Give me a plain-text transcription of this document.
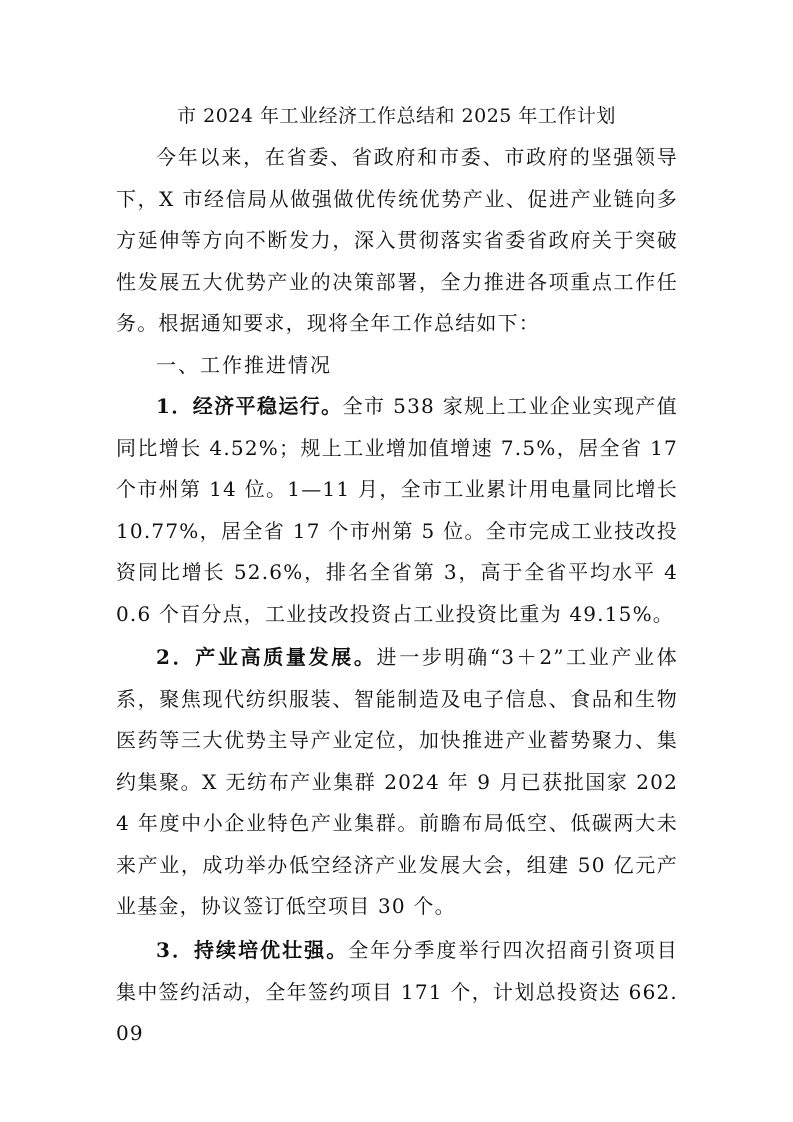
市 2024 年工业经济工作总结和 2025 年工作计划

今年以来，在省委、省政府和市委、市政府的坚强领导下，X 市经信局从做强做优传统优势产业、促进产业链向多方延伸等方向不断发力，深入贯彻落实省委省政府关于突破性发展五大优势产业的决策部署，全力推进各项重点工作任务。根据通知要求，现将全年工作总结如下：

一、工作推进情况

1．经济平稳运行。全市 538 家规上工业企业实现产值同比增长 4.52%；规上工业增加值增速 7.5%，居全省 17 个市州第 14 位。1—11 月，全市工业累计用电量同比增长 10.77%，居全省 17 个市州第 5 位。全市完成工业技改投资同比增长 52.6%，排名全省第 3，高于全省平均水平 40.6 个百分点，工业技改投资占工业投资比重为 49.15%。

2．产业高质量发展。进一步明确“3＋2”工业产业体系，聚焦现代纺织服装、智能制造及电子信息、食品和生物医药等三大优势主导产业定位，加快推进产业蓄势聚力、集约集聚。X 无纺布产业集群 2024 年 9 月已获批国家 2024 年度中小企业特色产业集群。前瞻布局低空、低碳两大未来产业，成功举办低空经济产业发展大会，组建 50 亿元产业基金，协议签订低空项目 30 个。

3．持续培优壮强。全年分季度举行四次招商引资项目集中签约活动，全年签约项目 171 个，计划总投资达 662.09
